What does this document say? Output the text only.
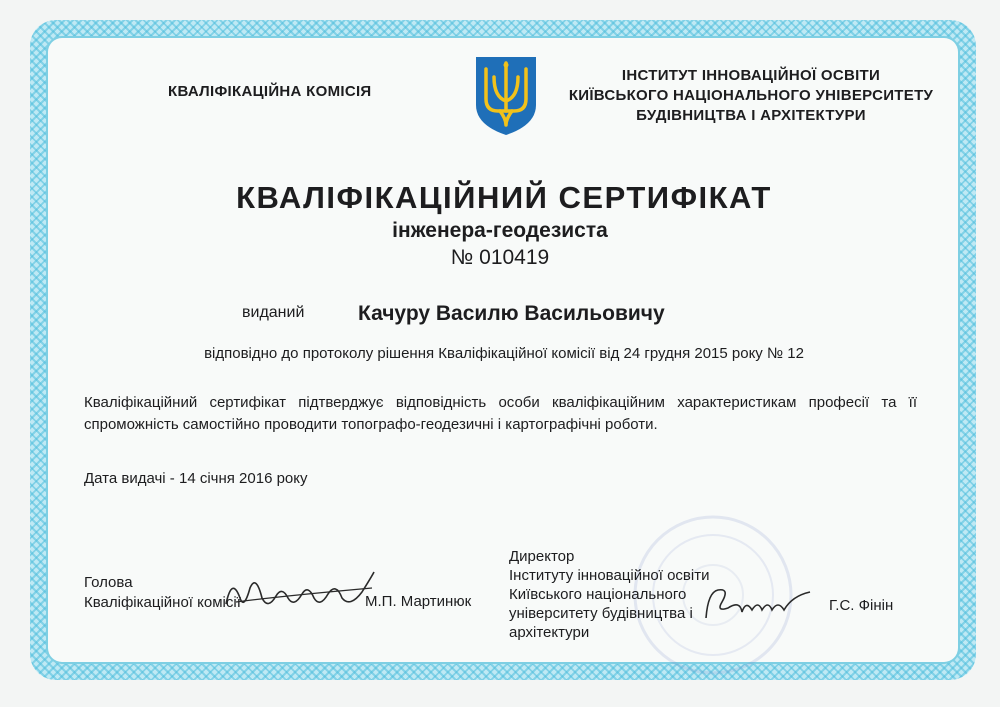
КВАЛІФІКАЦІЙНА КОМІСІЯ
ІНСТИТУТ ІННОВАЦІЙНОЇ ОСВІТИ
КИЇВСЬКОГО НАЦІОНАЛЬНОГО УНІВЕРСИТЕТУ
БУДІВНИЦТВА І АРХІТЕКТУРИ
КВАЛІФІКАЦІЙНИЙ СЕРТИФІКАТ
інженера-геодезиста
№ 010419
виданий	Качуру Василю Васильовичу
відповідно до протоколу рішення Кваліфікаційної комісії від 24 грудня 2015 року № 12
Кваліфікаційний сертифікат підтверджує відповідність особи кваліфікаційним характеристикам професії та її спроможність самостійно проводити топографо-геодезичні і картографічні роботи.
Дата видачі - 14 січня 2016 року
Голова
Кваліфікаційної комісії	М.П. Мартинюк
Директор
Інституту інноваційної освіти
Київського національного
університету будівництва і
архітектури
Г.С. Фінін
